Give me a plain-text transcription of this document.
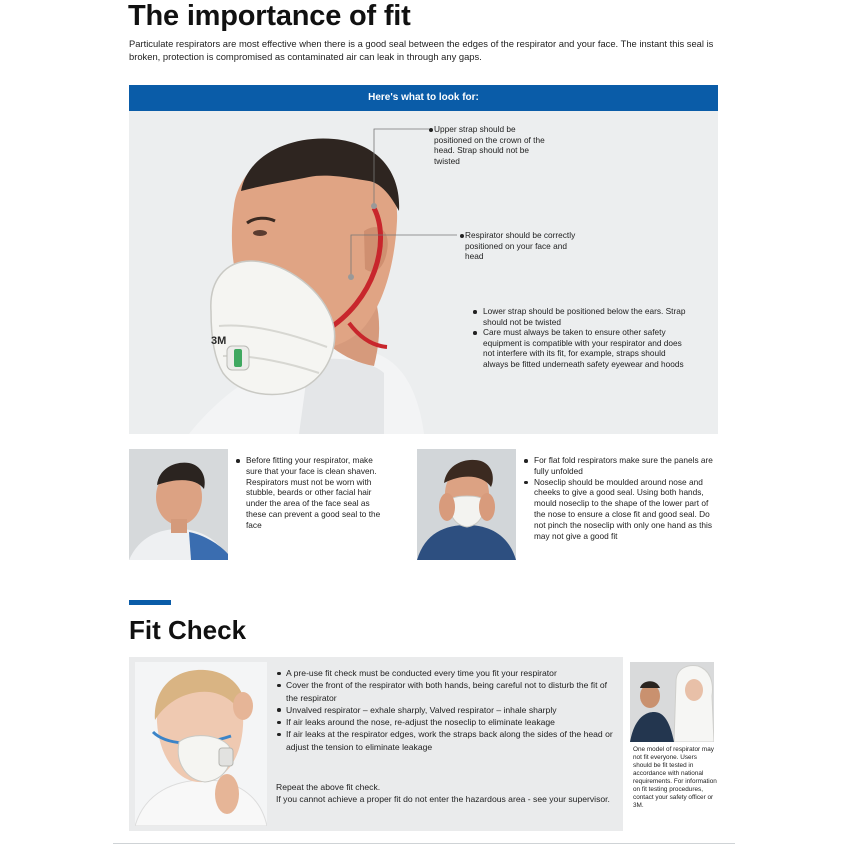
The importance of fit
Particulate respirators are most effective when there is a good seal between the edges of the respirator and your face. The instant this seal is broken, protection is compromised as contaminated air can leak in through any gaps.
Here's what to look for:
3M
Upper strap should be positioned on the crown of the head. Strap should not be twisted
Respirator should be correctly positioned on your face and head
Lower strap should be positioned below the ears. Strap should not be twisted
Care must always be taken to ensure other safety equipment is compatible with your respirator and does not interfere with its fit, for example, straps should always be fitted underneath safety eyewear and hoods
Before fitting your respirator, make sure that your face is clean shaven. Respirators must not be worn with stubble, beards or other facial hair under the area of the face seal as these can prevent a good seal to the face
For flat fold respirators make sure the panels are fully unfolded
Noseclip should be moulded around nose and cheeks to give a good seal. Using both hands, mould noseclip to the shape of the lower part of the nose to ensure a close fit and good seal. Do not pinch the noseclip with only one hand as this may not give a good fit
Fit Check
A pre-use fit check must be conducted every time you fit your respirator
Cover the front of the respirator with both hands, being careful not to disturb the fit of the respirator
Unvalved respirator – exhale sharply, Valved respirator – inhale sharply
If air leaks around the nose, re-adjust the noseclip to eliminate leakage
If air leaks at the respirator edges, work the straps back along the sides of the head or adjust the tension to eliminate leakage
Repeat the above fit check.
If you cannot achieve a proper fit do not enter the hazardous area - see your supervisor.
One model of respirator may not fit everyone. Users should be fit tested in accordance with national requirements. For information on fit testing procedures, contact your safety officer or 3M.
